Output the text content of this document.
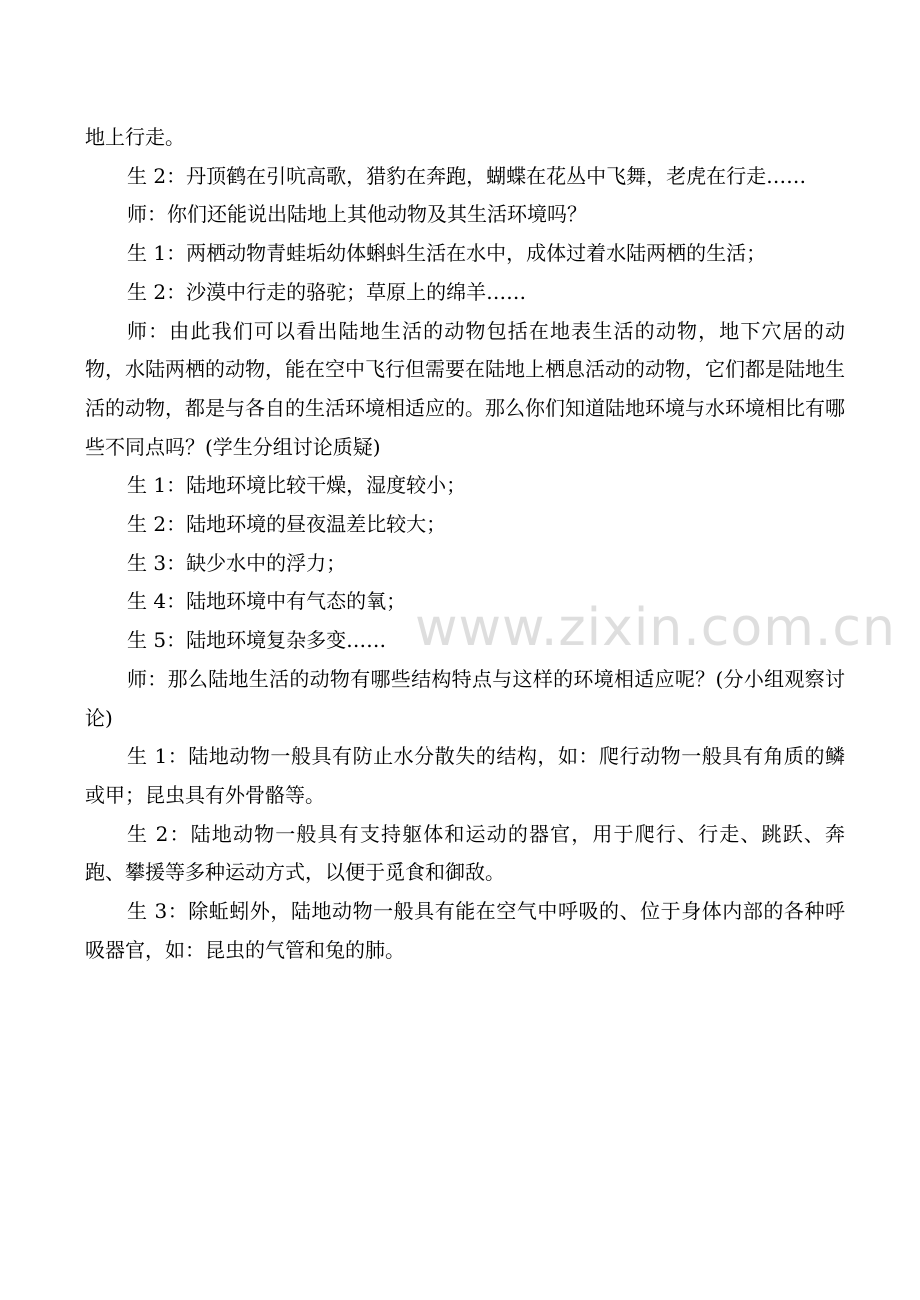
地上行走。

生 2：丹顶鹤在引吭高歌，猎豹在奔跑，蝴蝶在花丛中飞舞，老虎在行走……

师：你们还能说出陆地上其他动物及其生活环境吗？

生 1：两栖动物青蛙垢幼体蝌蚪生活在水中，成体过着水陆两栖的生活；

生 2：沙漠中行走的骆驼；草原上的绵羊……

师：由此我们可以看出陆地生活的动物包括在地表生活的动物，地下穴居的动物，水陆两栖的动物，能在空中飞行但需要在陆地上栖息活动的动物，它们都是陆地生活的动物，都是与各自的生活环境相适应的。那么你们知道陆地环境与水环境相比有哪些不同点吗？(学生分组讨论质疑)

生 1：陆地环境比较干燥，湿度较小；

生 2：陆地环境的昼夜温差比较大；

生 3：缺少水中的浮力；

生 4：陆地环境中有气态的氧；

生 5：陆地环境复杂多变……

师：那么陆地生活的动物有哪些结构特点与这样的环境相适应呢？(分小组观察讨论)

生 1：陆地动物一般具有防止水分散失的结构，如：爬行动物一般具有角质的鳞或甲；昆虫具有外骨骼等。

生 2：陆地动物一般具有支持躯体和运动的器官，用于爬行、行走、跳跃、奔跑、攀援等多种运动方式，以便于觅食和御敌。

生 3：除蚯蚓外，陆地动物一般具有能在空气中呼吸的、位于身体内部的各种呼吸器官，如：昆虫的气管和兔的肺。

www.zixin.com.cn
